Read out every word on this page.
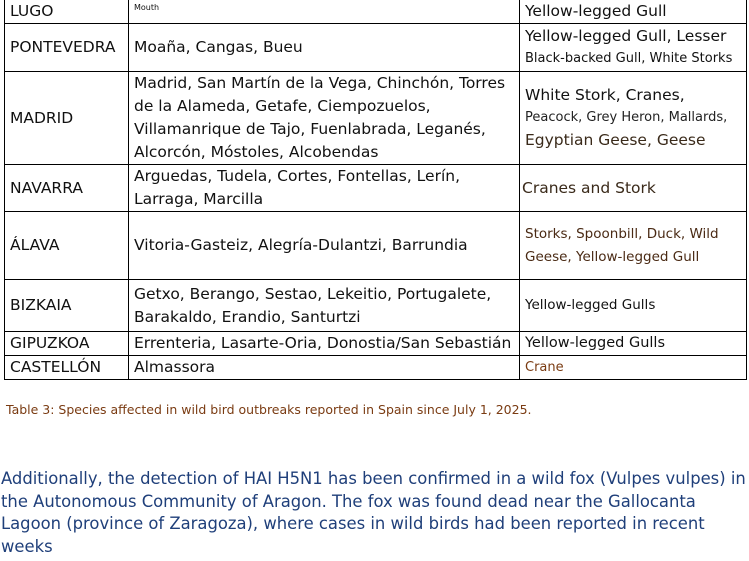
LUGO	Mouth	Yellow-legged Gull
PONTEVEDRA	Moaña, Cangas, Bueu	Yellow-legged Gull, Lesser
Black-backed Gull, White Storks

MADRID	Madrid, San Martín de la Vega, Chinchón, Torres de la Alameda, Getafe, Ciempozuelos, Villamanrique de Tajo, Fuenlabrada, Leganés, Alcorcón, Móstoles, Alcobendas	White Stork, Cranes,
Peacock, Grey Heron, Mallards,
Egyptian Geese, Geese

NAVARRA	Arguedas, Tudela, Cortes, Fontellas, Lerín, Larraga, Marcilla	Cranes and Stork
ÁLAVA	Vitoria-Gasteiz, Alegría-Dulantzi, Barrundia	Storks, Spoonbill, Duck, Wild Geese, Yellow-legged Gull
BIZKAIA	Getxo, Berango, Sestao, Lekeitio, Portugalete, Barakaldo, Erandio, Santurtzi	Yellow-legged Gulls
GIPUZKOA	Errenteria, Lasarte-Oria, Donostia/San Sebastián	Yellow-legged Gulls
CASTELLÓN	Almassora	Crane

Table 3: Species affected in wild bird outbreaks reported in Spain since July 1, 2025.

Additionally, the detection of HAI H5N1 has been confirmed in a wild fox (Vulpes vulpes) in the Autonomous Community of Aragon. The fox was found dead near the Gallocanta Lagoon (province of Zaragoza), where cases in wild birds had been reported in recent weeks
